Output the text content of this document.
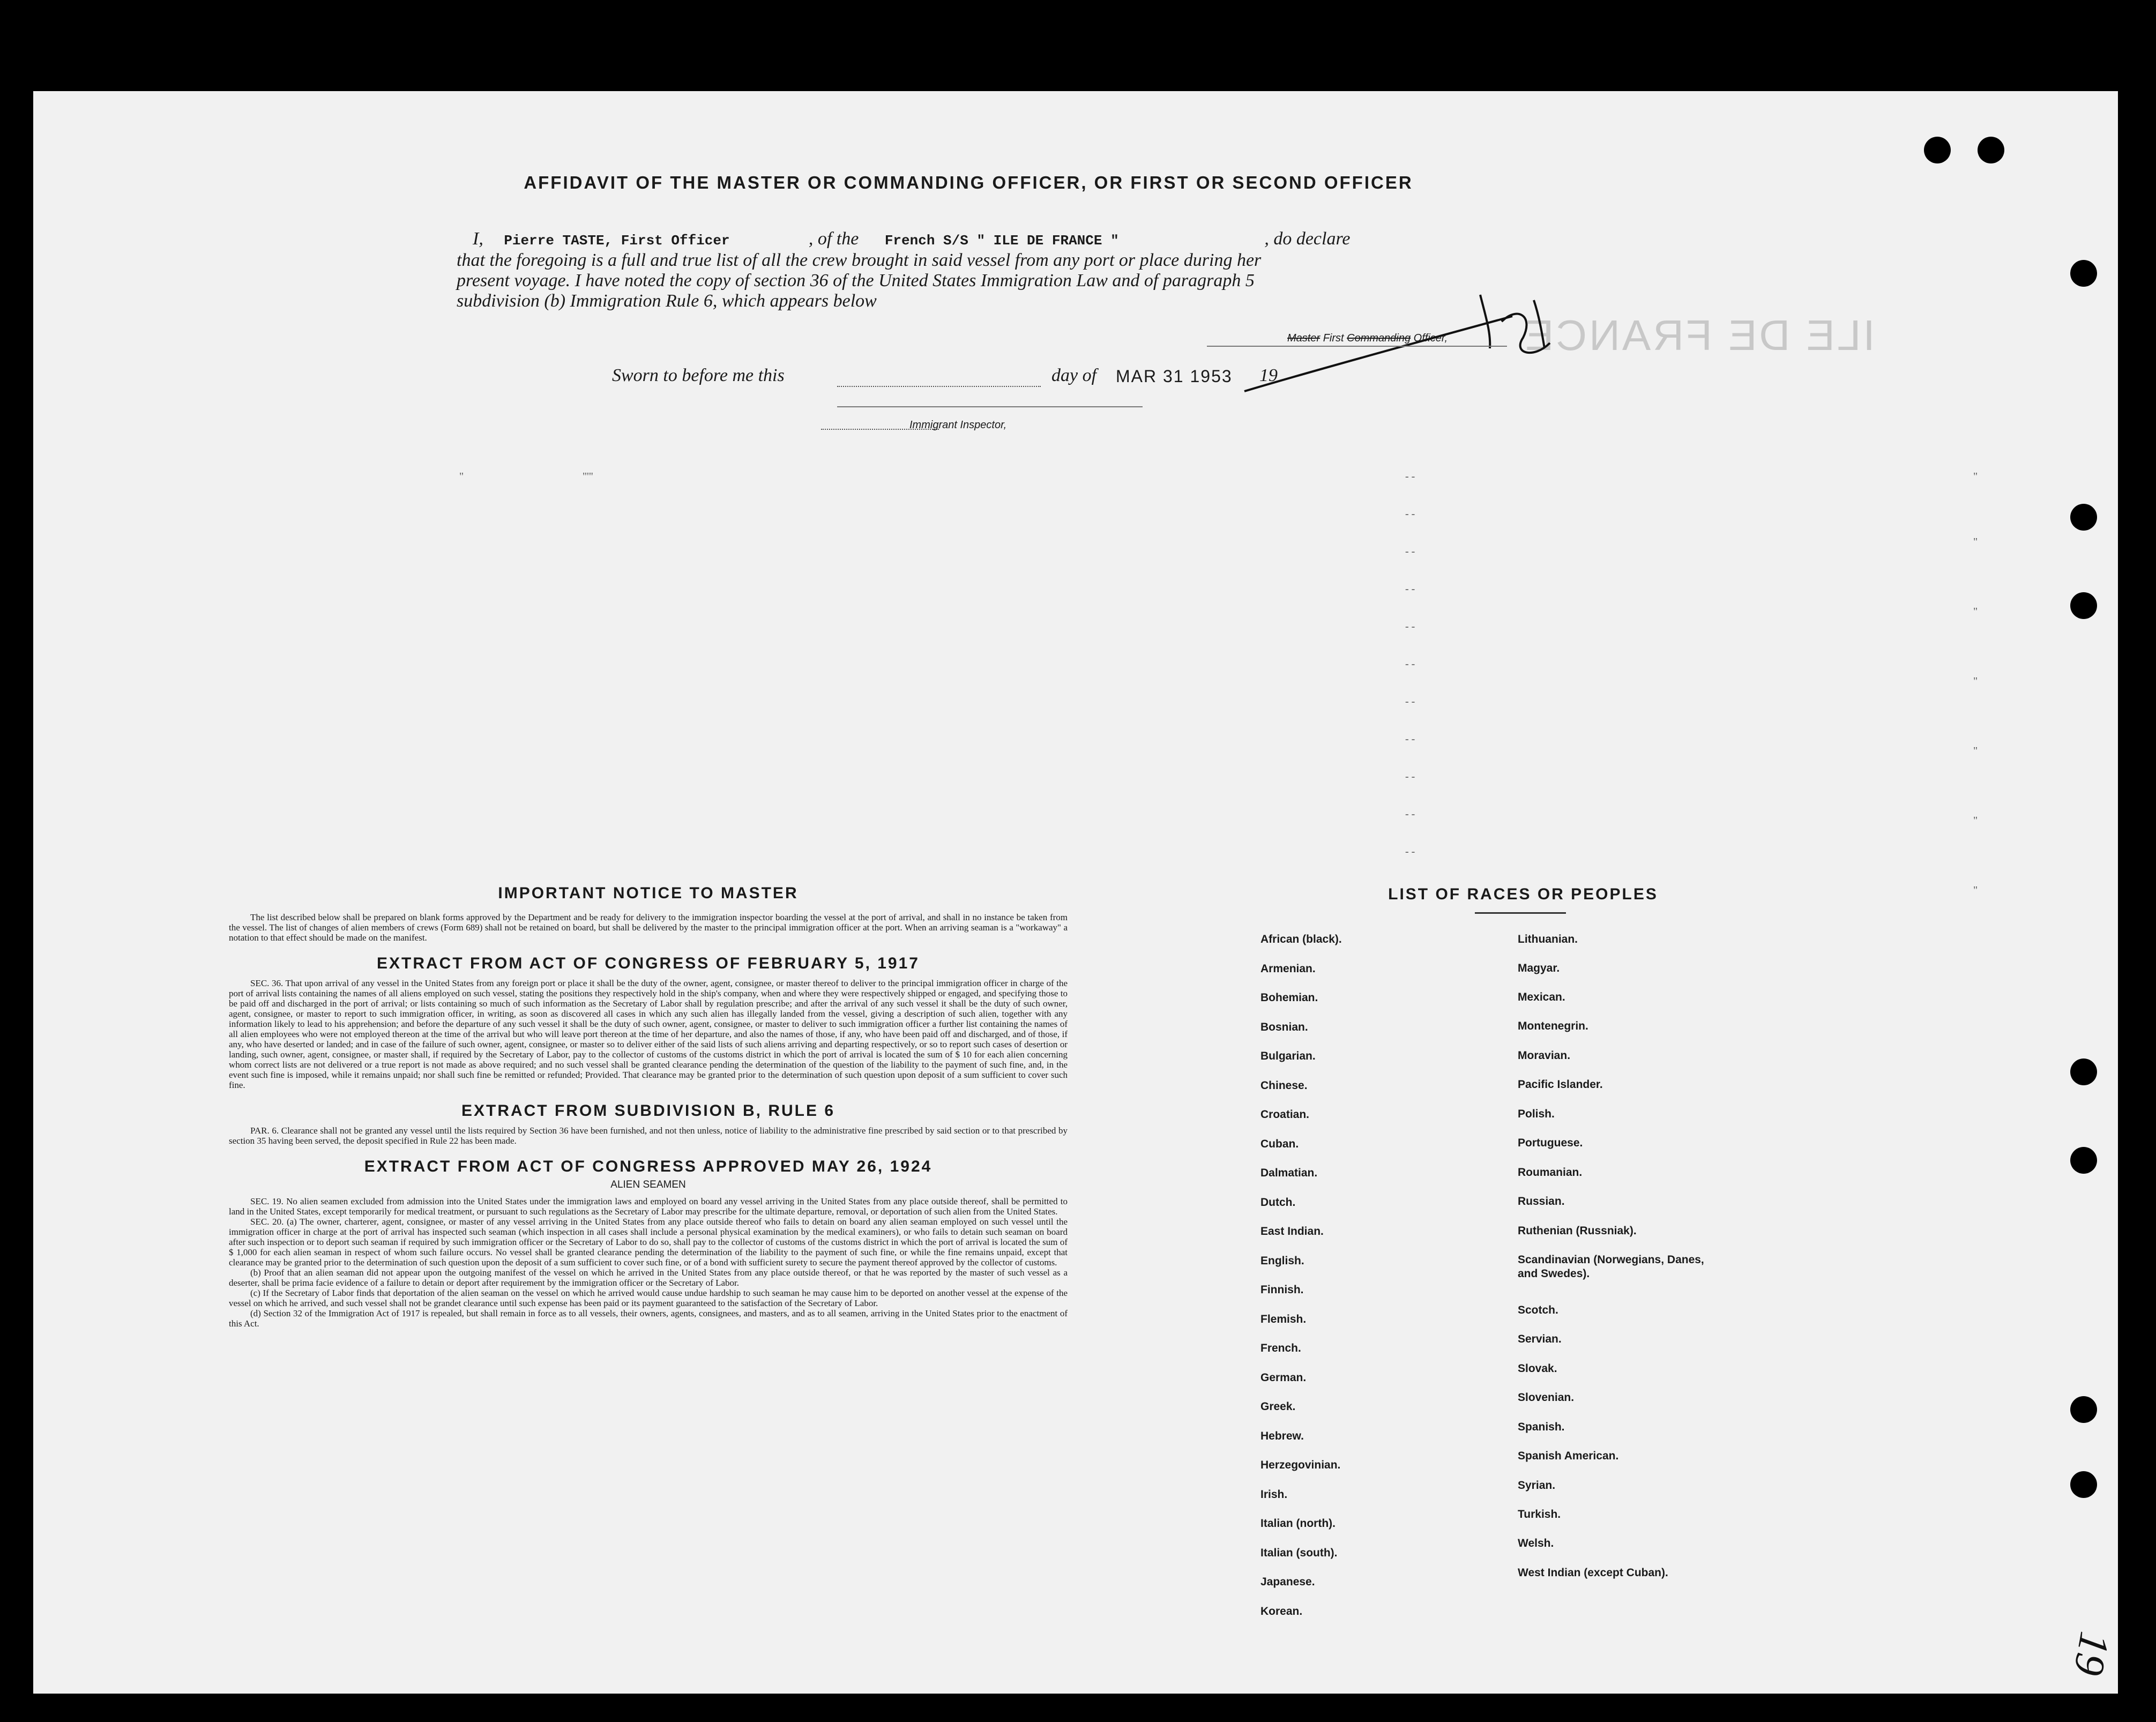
AFFIDAVIT OF THE MASTER OR COMMANDING OFFICER, OR FIRST OR SECOND OFFICER
I, Pierre TASTE, First Officer	, of the French S/S " ILE DE FRANCE "	, do declare
that the foregoing is a full and true list of all the crew brought in said vessel from any port or place during her
present voyage. I have noted the copy of section 36 of the United States Immigration Law and of paragraph 5
subdivision (b) Immigration Rule 6, which appears below
ILE DE FRANCE
Master First Commanding Officer,
Sworn to before me this	day of MAR 31 1953 19
Immigrant Inspector,
"	"'"	- -
- -
- -
- -
- -
- -
- -
- -
- -
- -
- -
"
"
"
"
"
"
"
IMPORTANT NOTICE TO MASTER
The list described below shall be prepared on blank forms approved by the Department and be ready for delivery to the immigration inspector boarding the vessel at the port of arrival, and shall in no instance be taken from the vessel. The list of changes of alien members of crews (Form 689) shall not be retained on board, but shall be delivered by the master to the principal immigration officer at the port. When an arriving seaman is a "workaway" a notation to that effect should be made on the manifest.
EXTRACT FROM ACT OF CONGRESS OF FEBRUARY 5, 1917
SEC. 36. That upon arrival of any vessel in the United States from any foreign port or place it shall be the duty of the owner, agent, consignee, or master thereof to deliver to the principal immigration officer in charge of the port of arrival lists containing the names of all aliens employed on such vessel, stating the positions they respectively hold in the ship's company, when and where they were respectively shipped or engaged, and specifying those to be paid off and discharged in the port of arrival; or lists containing so much of such information as the Secretary of Labor shall by regulation prescribe; and after the arrival of any such vessel it shall be the duty of such owner, agent, consignee, or master to report to such immigration officer, in writing, as soon as discovered all cases in which any such alien has illegally landed from the vessel, giving a description of such alien, together with any information likely to lead to his apprehension; and before the departure of any such vessel it shall be the duty of such owner, agent, consignee, or master to deliver to such immigration officer a further list containing the names of all alien employees who were not employed thereon at the time of the arrival but who will leave port thereon at the time of her departure, and also the names of those, if any, who have been paid off and discharged, and of those, if any, who have deserted or landed; and in case of the failure of such owner, agent, consignee, or master so to deliver either of the said lists of such aliens arriving and departing respectively, or so to report such cases of desertion or landing, such owner, agent, consignee, or master shall, if required by the Secretary of Labor, pay to the collector of customs of the customs district in which the port of arrival is located the sum of $ 10 for each alien concerning whom correct lists are not delivered or a true report is not made as above required; and no such vessel shall be granted clearance pending the determination of the question of the liability to the payment of such fine, and, in the event such fine is imposed, while it remains unpaid; nor shall such fine be remitted or refunded; Provided. That clearance may be granted prior to the determination of such question upon deposit of a sum sufficient to cover such fine.
EXTRACT FROM SUBDIVISION B, RULE 6
PAR. 6. Clearance shall not be granted any vessel until the lists required by Section 36 have been furnished, and not then unless, notice of liability to the administrative fine prescribed by said section or to that prescribed by section 35 having been served, the deposit specified in Rule 22 has been made.
EXTRACT FROM ACT OF CONGRESS APPROVED MAY 26, 1924
ALIEN SEAMEN
SEC. 19. No alien seamen excluded from admission into the United States under the immigration laws and employed on board any vessel arriving in the United States from any place outside thereof, shall be permitted to land in the United States, except temporarily for medical treatment, or pursuant to such regulations as the Secretary of Labor may prescribe for the ultimate departure, removal, or deportation of such alien from the United States.
SEC. 20. (a) The owner, charterer, agent, consignee, or master of any vessel arriving in the United States from any place outside thereof who fails to detain on board any alien seaman employed on such vessel until the immigration officer in charge at the port of arrival has inspected such seaman (which inspection in all cases shall include a personal physical examination by the medical examiners), or who fails to detain such seaman on board after such inspection or to deport such seaman if required by such immigration officer or the Secretary of Labor to do so, shall pay to the collector of customs of the customs district in which the port of arrival is located the sum of $ 1,000 for each alien seaman in respect of whom such failure occurs. No vessel shall be granted clearance pending the determination of the liability to the payment of such fine, or while the fine remains unpaid, except that clearance may be granted prior to the determination of such question upon the deposit of a sum sufficient to cover such fine, or of a bond with sufficient surety to secure the payment thereof approved by the collector of customs.
(b) Proof that an alien seaman did not appear upon the outgoing manifest of the vessel on which he arrived in the United States from any place outside thereof, or that he was reported by the master of such vessel as a deserter, shall be prima facie evidence of a failure to detain or deport after requirement by the immigration officer or the Secretary of Labor.
(c) If the Secretary of Labor finds that deportation of the alien seaman on the vessel on which he arrived would cause undue hardship to such seaman he may cause him to be deported on another vessel at the expense of the vessel on which he arrived, and such vessel shall not be grandet clearance until such expense has been paid or its payment guaranteed to the satisfaction of the Secretary of Labor.
(d) Section 32 of the Immigration Act of 1917 is repealed, but shall remain in force as to all vessels, their owners, agents, consignees, and masters, and as to all seamen, arriving in the United States prior to the enactment of this Act.
LIST OF RACES OR PEOPLES
African (black).
Armenian.
Bohemian.
Bosnian.
Bulgarian.
Chinese.
Croatian.
Cuban.
Dalmatian.
Dutch.
East Indian.
English.
Finnish.
Flemish.
French.
German.
Greek.
Hebrew.
Herzegovinian.
Irish.
Italian (north).
Italian (south).
Japanese.
Korean.
Lithuanian.
Magyar.
Mexican.
Montenegrin.
Moravian.
Pacific Islander.
Polish.
Portuguese.
Roumanian.
Russian.
Ruthenian (Russniak).
Scandinavian (Norwegians, Danes, and Swedes).
Scotch.
Servian.
Slovak.
Slovenian.
Spanish.
Spanish American.
Syrian.
Turkish.
Welsh.
West Indian (except Cuban).
19
